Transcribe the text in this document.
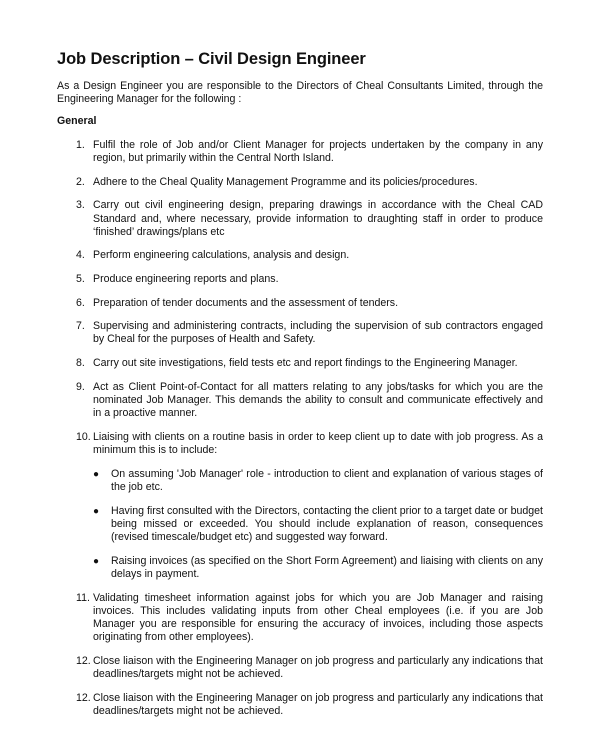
Job Description – Civil Design Engineer
As a Design Engineer you are responsible to the Directors of Cheal Consultants Limited, through the Engineering Manager for the following :
General
1. Fulfil the role of Job and/or Client Manager for projects undertaken by the company in any region, but primarily within the Central North Island.
2. Adhere to the Cheal Quality Management Programme and its policies/procedures.
3. Carry out civil engineering design, preparing drawings in accordance with the Cheal CAD Standard and, where necessary, provide information to draughting staff in order to produce ‘finished’ drawings/plans etc
4. Perform engineering calculations, analysis and design.
5. Produce engineering reports and plans.
6. Preparation of tender documents and the assessment of tenders.
7. Supervising and administering contracts, including the supervision of sub contractors engaged by Cheal for the purposes of Health and Safety.
8. Carry out site investigations, field tests etc and report findings to the Engineering Manager.
9. Act as Client Point-of-Contact for all matters relating to any jobs/tasks for which you are the nominated Job Manager. This demands the ability to consult and communicate effectively and in a proactive manner.
10. Liaising with clients on a routine basis in order to keep client up to date with job progress. As a minimum this is to include:
● On assuming 'Job Manager' role - introduction to client and explanation of various stages of the job etc.
● Having first consulted with the Directors, contacting the client prior to a target date or budget being missed or exceeded. You should include explanation of reason, consequences (revised timescale/budget etc) and suggested way forward.
● Raising invoices (as specified on the Short Form Agreement) and liaising with clients on any delays in payment.
11. Validating timesheet information against jobs for which you are Job Manager and raising invoices. This includes validating inputs from other Cheal employees (i.e. if you are Job Manager you are responsible for ensuring the accuracy of invoices, including those aspects originating from other employees).
12. Close liaison with the Engineering Manager on job progress and particularly any indications that deadlines/targets might not be achieved.
12. Close liaison with the Engineering Manager on job progress and particularly any indications that deadlines/targets might not be achieved.
